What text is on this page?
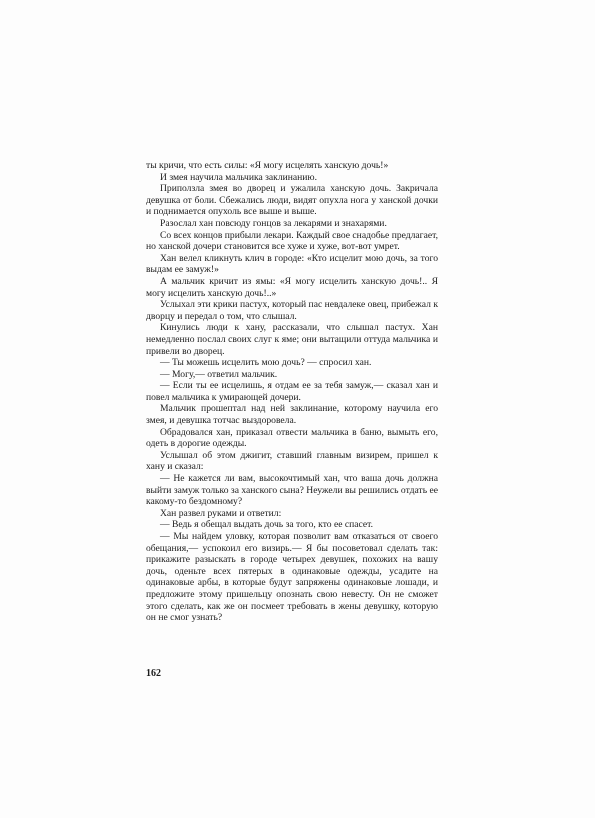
ты кричи, что есть силы: «Я могу исцелять ханскую дочь!»

И змея научила мальчика заклинанию.

Приползла змея во дворец и ужалила ханскую дочь. Закричала девушка от боли. Сбежались люди, видят опухла нога у ханской дочки и поднимается опухоль все выше и выше.

Разослал хан повсюду гонцов за лекарями и знахарями.

Со всех концов прибыли лекари. Каждый свое снадобье предлагает, но ханской дочери становится все хуже и хуже, вот-вот умрет.

Хан велел кликнуть клич в городе: «Кто исцелит мою дочь, за того выдам ее замуж!»

А мальчик кричит из ямы: «Я могу исцелить ханскую дочь!.. Я могу исцелить ханскую дочь!..»

Услыхал эти крики пастух, который пас невдалеке овец, прибежал к дворцу и передал о том, что слышал.

Кинулись люди к хану, рассказали, что слышал пастух. Хан немедленно послал своих слуг к яме; они вытащили оттуда мальчика и привели во дворец.

— Ты можешь исцелить мою дочь? — спросил хан.

— Могу,— ответил мальчик.

— Если ты ее исцелишь, я отдам ее за тебя замуж,— сказал хан и повел мальчика к умирающей дочери.

Мальчик прошептал над ней заклинание, которому научила его змея, и девушка тотчас выздоровела.

Обрадовался хан, приказал отвести мальчика в баню, вымыть его, одеть в дорогие одежды.

Услышал об этом джигит, ставший главным визирем, пришел к хану и сказал:

— Не кажется ли вам, высокочтимый хан, что ваша дочь должна выйти замуж только за ханского сына? Неужели вы решились отдать ее какому-то бездомному?

Хан развел руками и ответил:

— Ведь я обещал выдать дочь за того, кто ее спасет.

— Мы найдем уловку, которая позволит вам отказаться от своего обещания,— успокоил его визирь.— Я бы посоветовал сделать так: прикажите разыскать в городе четырех девушек, похожих на вашу дочь, оденьте всех пятерых в одинаковые одежды, усадите на одинаковые арбы, в которые будут запряжены одинаковые лошади, и предложите этому пришельцу опознать свою невесту. Он не сможет этого сделать, как же он посмеет требовать в жены девушку, которую он не смог узнать?

162
